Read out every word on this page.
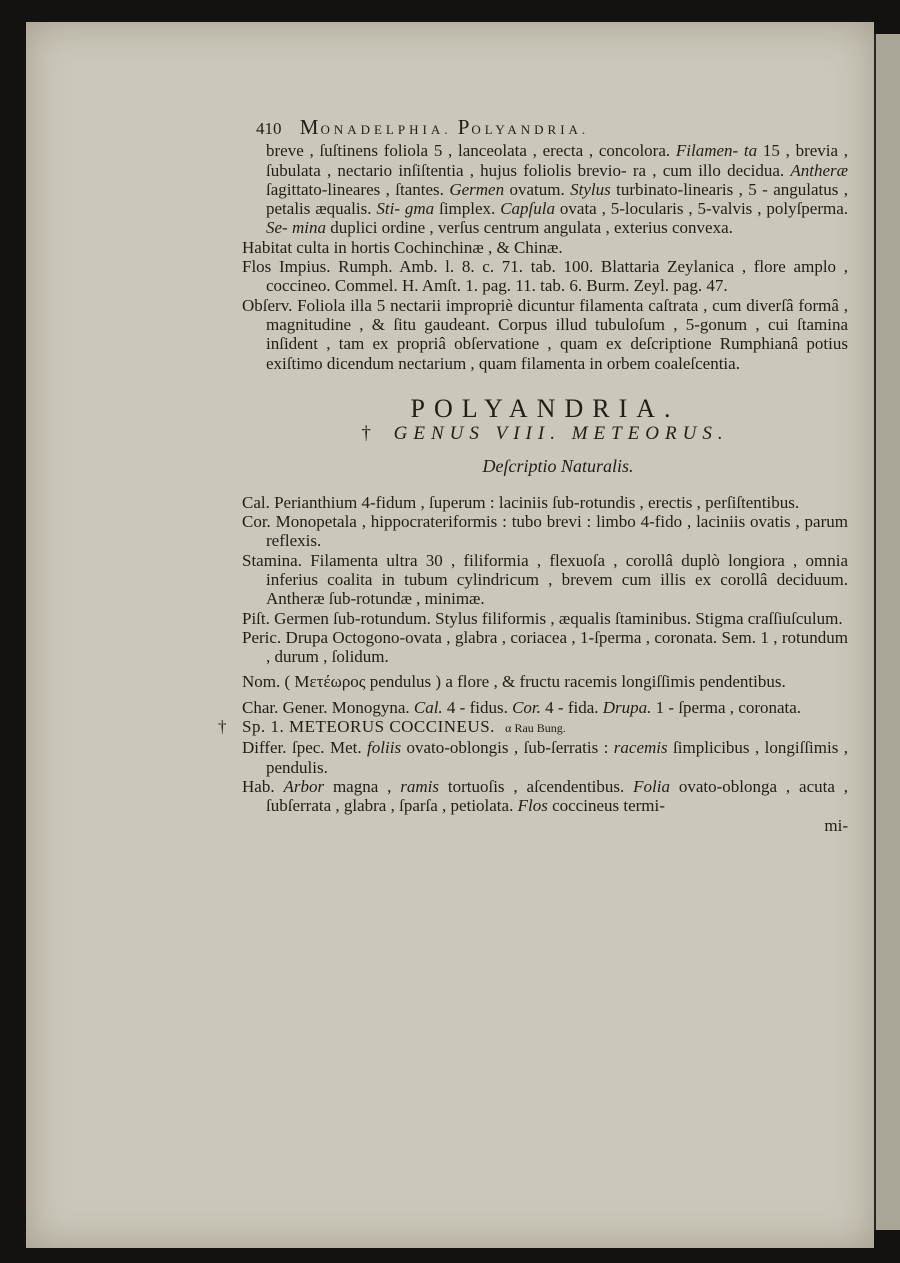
410 MONADELPHIA. POLYANDRIA.

breve , ſuſtinens foliola 5 , lanceolata , erecta , concolora. Filamen- ta 15 , brevia , ſubulata , nectario inſiſtentia , hujus foliolis brevio- ra , cum illo decidua. Antheræ ſagittato-lineares , ſtantes. Germen ovatum. Stylus turbinato-linearis , 5 - angulatus , petalis æqualis. Sti- gma ſimplex. Capſula ovata , 5-locularis , 5-valvis , polyſperma. Se- mina duplici ordine , verſus centrum angulata , exterius convexa.

Habitat culta in hortis Cochinchinæ , & Chinæ.

Flos Impius. Rumph. Amb. l. 8. c. 71. tab. 100. Blattaria Zeylanica , flore amplo , coccineo. Commel. H. Amſt. 1. pag. 11. tab. 6. Burm. Zeyl. pag. 47.

Obſerv. Foliola illa 5 nectarii impropriè dicuntur filamenta caſtrata , cum diverſâ formâ , magnitudine , & ſitu gaudeant. Corpus illud tubuloſum , 5-gonum , cui ſtamina inſident , tam ex propriâ obſervatione , quam ex deſcriptione Rumphianâ potius exiſtimo dicendum nectarium , quam filamenta in orbem coaleſcentia.

POLYANDRIA.
† GENUS VIII. METEORUS.
Deſcriptio Naturalis.

Cal. Perianthium 4-fidum , ſuperum : laciniis ſub-rotundis , erectis , perſiſtentibus.

Cor. Monopetala , hippocrateriformis : tubo brevi : limbo 4-fido , laciniis ovatis , parum reflexis.

Stamina. Filamenta ultra 30 , filiformia , flexuoſa , corollâ duplò longiora , omnia inferius coalita in tubum cylindricum , brevem cum illis ex corollâ deciduum. Antheræ ſub-rotundæ , minimæ.

Piſt. Germen ſub-rotundum. Stylus filiformis , æqualis ſtaminibus. Stigma craſſiuſculum.

Peric. Drupa Octogono-ovata , glabra , coriacea , 1-ſperma , coronata. Sem. 1 , rotundum , durum , ſolidum.

Nom. ( Μετέωρος pendulus ) a flore , & fructu racemis longiſſimis pendentibus.

Char. Gener. Monogyna. Cal. 4 - fidus. Cor. 4 - fida. Drupa. 1 - ſperma , coronata.

† Sp. 1. METEORUS COCCINEUS. α Rau Bung.

Differ. ſpec. Met. foliis ovato-oblongis , ſub-ſerratis : racemis ſimplicibus , longiſſimis , pendulis.

Hab. Arbor magna , ramis tortuoſis , aſcendentibus. Folia ovato-oblonga , acuta , ſubſerrata , glabra , ſparſa , petiolata. Flos coccineus termi-

mi-
